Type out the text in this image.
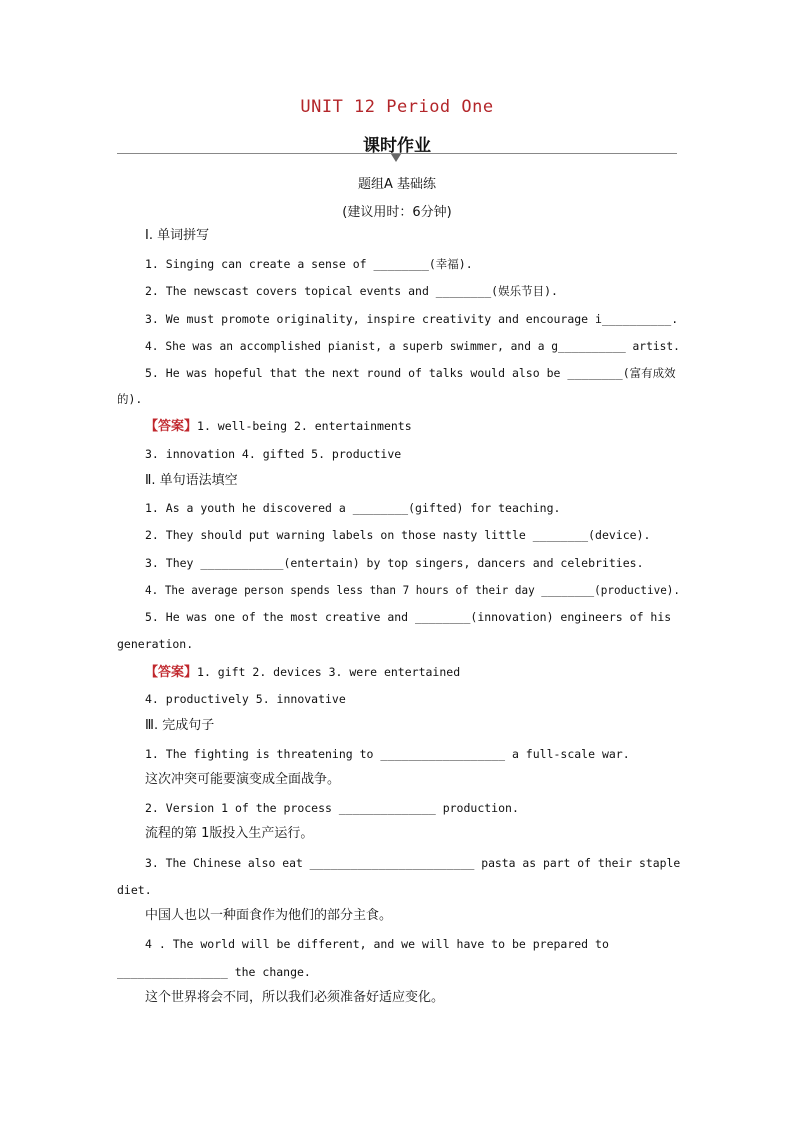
UNIT 12 Period One
课时作业
题组A 基础练
(建议用时：6分钟)
Ⅰ. 单词拼写
1. Singing can create a sense of ________(幸福).
2. The newscast covers topical events and ________(娱乐节目).
3. We must promote originality, inspire creativity and encourage i__________.
4. She was an accomplished pianist, a superb swimmer, and a g__________ artist.
5. He was hopeful that the next round of talks would also be ________(富有成效
的).
【答案】1. well-being 2. entertainments
3. innovation 4. gifted 5. productive
Ⅱ. 单句语法填空
1. As a youth he discovered a ________(gifted) for teaching.
2. They should put warning labels on those nasty little ________(device).
3. They ____________(entertain) by top singers, dancers and celebrities.
4. The average person spends less than 7 hours of their day ________(productive).
5. He was one of the most creative and ________(innovation) engineers of his
generation.
【答案】1. gift 2. devices 3. were entertained
4. productively 5. innovative
Ⅲ. 完成句子
1. The fighting is threatening to __________________ a full-scale war.
这次冲突可能要演变成全面战争。
2. Version 1 of the process ______________ production.
流程的第 1版投入生产运行。
3. The Chinese also eat ________________________ pasta as part of their staple
diet.
中国人也以一种面食作为他们的部分主食。
4 . The world will be different, and we will have to be prepared to
________________ the change.
这个世界将会不同，所以我们必须准备好适应变化。
